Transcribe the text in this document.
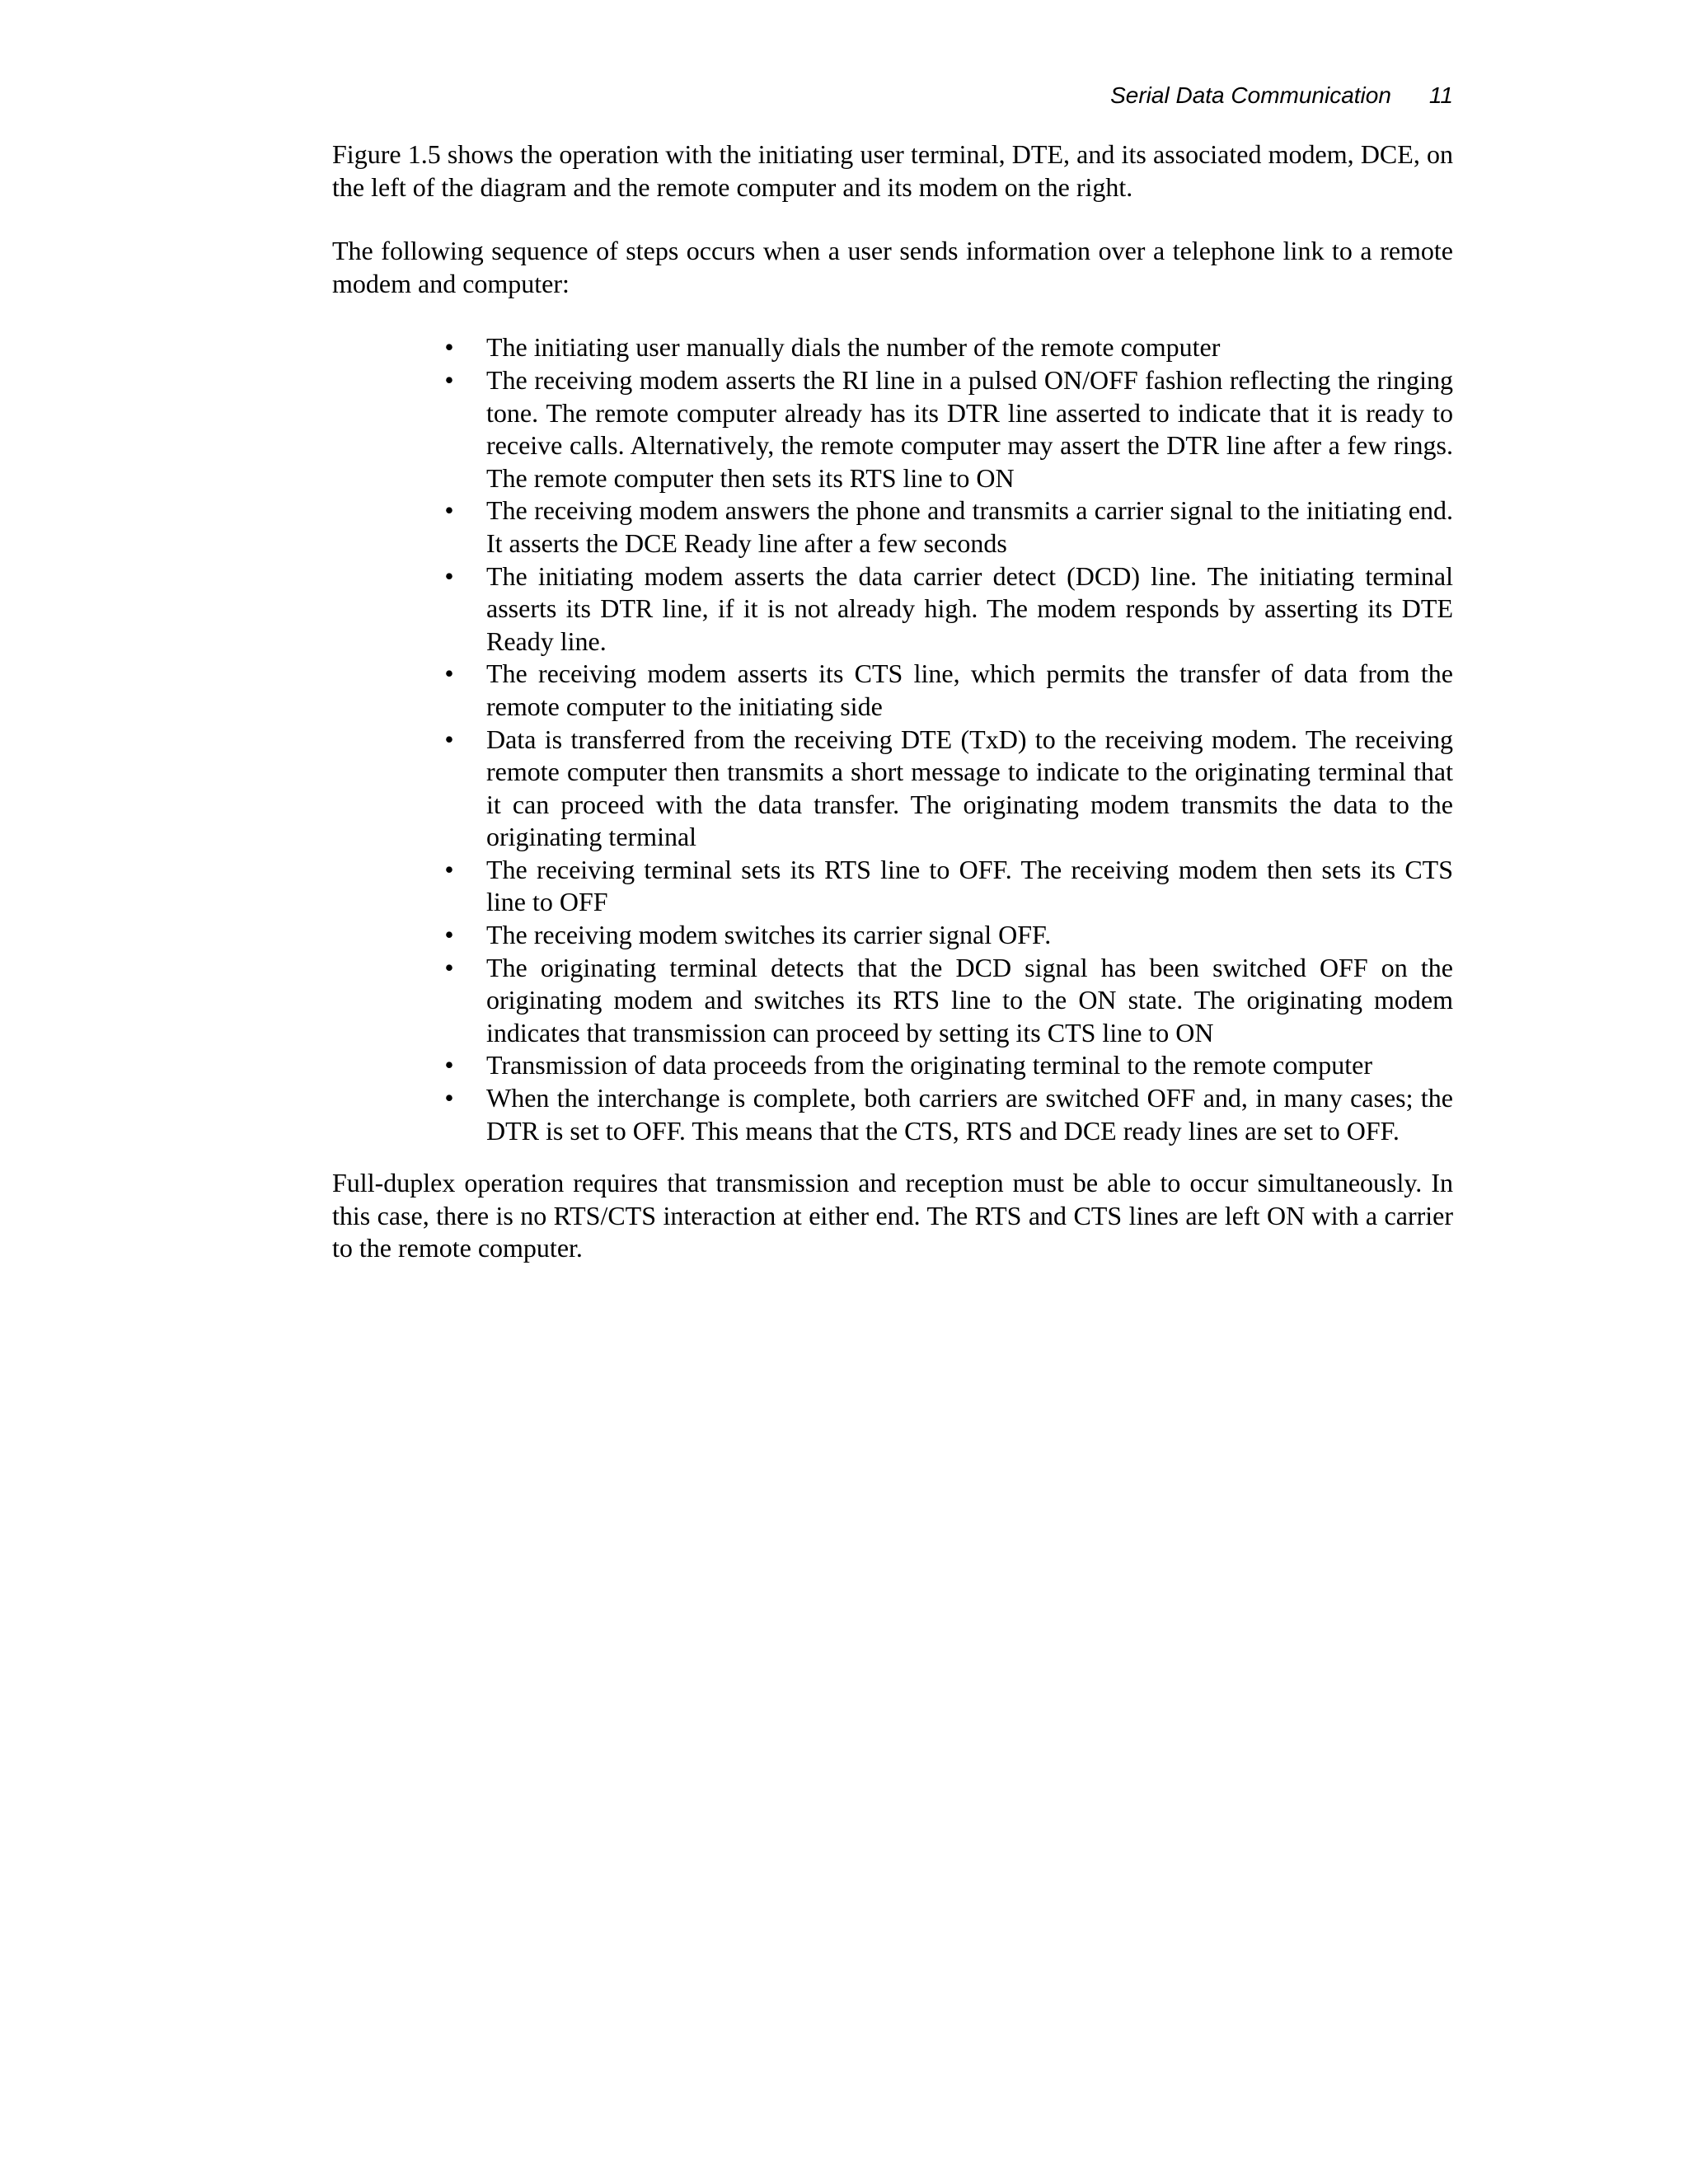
Serial Data Communication 11

Figure 1.5 shows the operation with the initiating user terminal, DTE, and its associated modem, DCE, on the left of the diagram and the remote computer and its modem on the right.

The following sequence of steps occurs when a user sends information over a telephone link to a remote modem and computer:

• The initiating user manually dials the number of the remote computer
• The receiving modem asserts the RI line in a pulsed ON/OFF fashion reflecting the ringing tone. The remote computer already has its DTR line asserted to indicate that it is ready to receive calls. Alternatively, the remote computer may assert the DTR line after a few rings. The remote computer then sets its RTS line to ON
• The receiving modem answers the phone and transmits a carrier signal to the initiating end. It asserts the DCE Ready line after a few seconds
• The initiating modem asserts the data carrier detect (DCD) line. The initiating terminal asserts its DTR line, if it is not already high. The modem responds by asserting its DTE Ready line.
• The receiving modem asserts its CTS line, which permits the transfer of data from the remote computer to the initiating side
• Data is transferred from the receiving DTE (TxD) to the receiving modem. The receiving remote computer then transmits a short message to indicate to the originating terminal that it can proceed with the data transfer. The originating modem transmits the data to the originating terminal
• The receiving terminal sets its RTS line to OFF. The receiving modem then sets its CTS line to OFF
• The receiving modem switches its carrier signal OFF.
• The originating terminal detects that the DCD signal has been switched OFF on the originating modem and switches its RTS line to the ON state. The originating modem indicates that transmission can proceed by setting its CTS line to ON
• Transmission of data proceeds from the originating terminal to the remote computer
• When the interchange is complete, both carriers are switched OFF and, in many cases; the DTR is set to OFF. This means that the CTS, RTS and DCE ready lines are set to OFF.

Full-duplex operation requires that transmission and reception must be able to occur simultaneously. In this case, there is no RTS/CTS interaction at either end. The RTS and CTS lines are left ON with a carrier to the remote computer.
